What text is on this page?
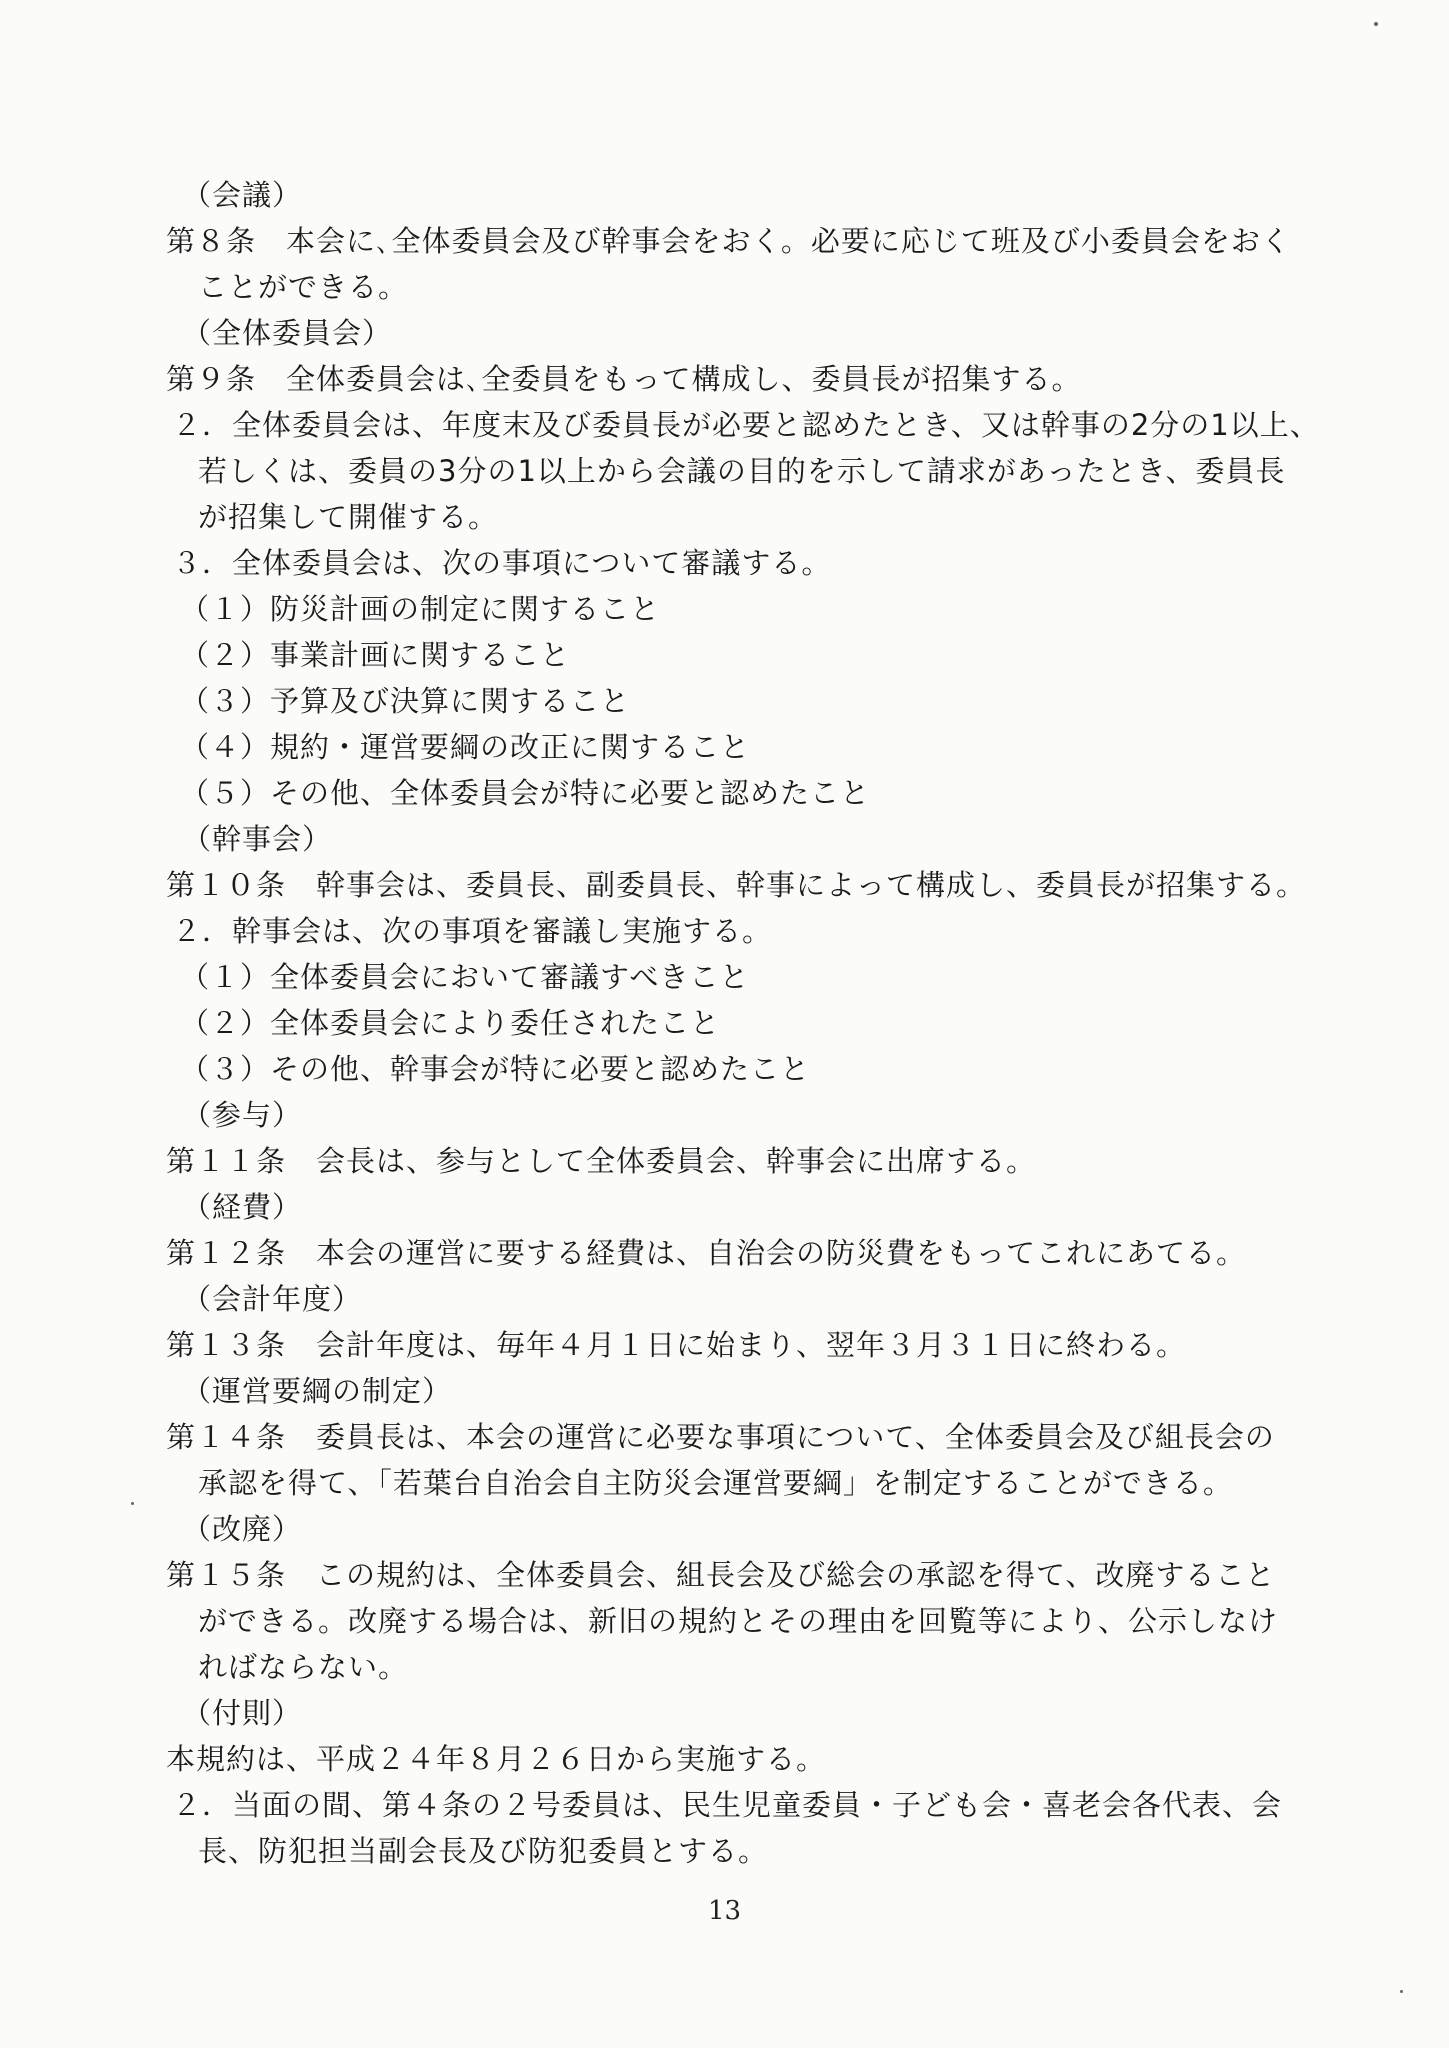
（会議）
第８条　本会に､全体委員会及び幹事会をおく。必要に応じて班及び小委員会をおく
ことができる。
（全体委員会）
第９条　全体委員会は､全委員をもって構成し、委員長が招集する。
２．全体委員会は、年度末及び委員長が必要と認めたとき、又は幹事の2分の1以上、
若しくは、委員の3分の1以上から会議の目的を示して請求があったとき、委員長
が招集して開催する。
３．全体委員会は、次の事項について審議する。
（１）防災計画の制定に関すること
（２）事業計画に関すること
（３）予算及び決算に関すること
（４）規約・運営要綱の改正に関すること
（５）その他、全体委員会が特に必要と認めたこと
（幹事会）
第１０条　幹事会は、委員長、副委員長、幹事によって構成し、委員長が招集する。
２．幹事会は、次の事項を審議し実施する。
（１）全体委員会において審議すべきこと
（２）全体委員会により委任されたこと
（３）その他、幹事会が特に必要と認めたこと
（参与）
第１１条　会長は、参与として全体委員会、幹事会に出席する。
（経費）
第１２条　本会の運営に要する経費は、自治会の防災費をもってこれにあてる。
（会計年度）
第１３条　会計年度は、毎年４月１日に始まり、翌年３月３１日に終わる。
（運営要綱の制定）
第１４条　委員長は、本会の運営に必要な事項について、全体委員会及び組長会の
承認を得て、「若葉台自治会自主防災会運営要綱」を制定することができる。
（改廃）
第１５条　この規約は、全体委員会、組長会及び総会の承認を得て、改廃すること
ができる。改廃する場合は、新旧の規約とその理由を回覧等により、公示しなけ
ればならない。
（付則）
本規約は、平成２４年８月２６日から実施する。
２．当面の間、第４条の２号委員は、民生児童委員・子ども会・喜老会各代表、会
長、防犯担当副会長及び防犯委員とする。
13
